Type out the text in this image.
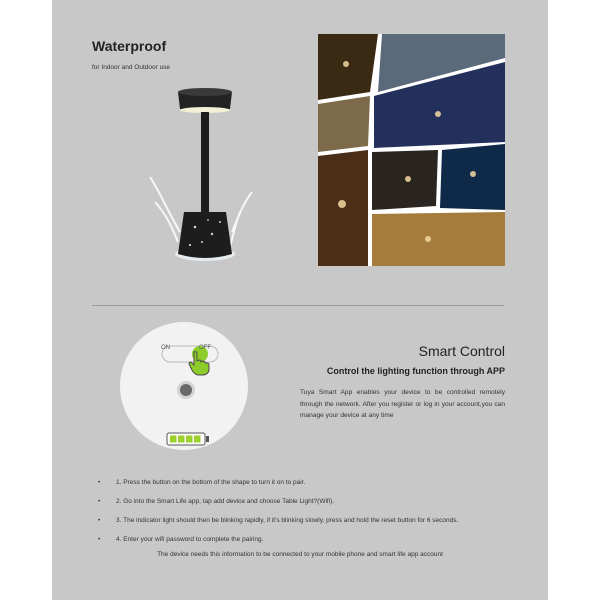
Waterproof
for Indoor and Outdoor use
ON	OFF	Smart Control
Control the lighting function through APP
Tuya Smart App enables your device to be controlled remotely through the network. After you register or log in your account,you can manage your device at any time
• 1. Press the button on the bottom of the shape to turn it on to pair.
• 2. Go into the Smart Life app, tap add device and choose Table Light?(Wifi).
• 3. The indicator light should then be blinking rapidly, if it's blinking slowly, press and hold the reset button for 6 seconds.
• 4. Enter your wifi password to complete the pairing.
The device needs this information to be connected to your mobile phone and smart life app account
